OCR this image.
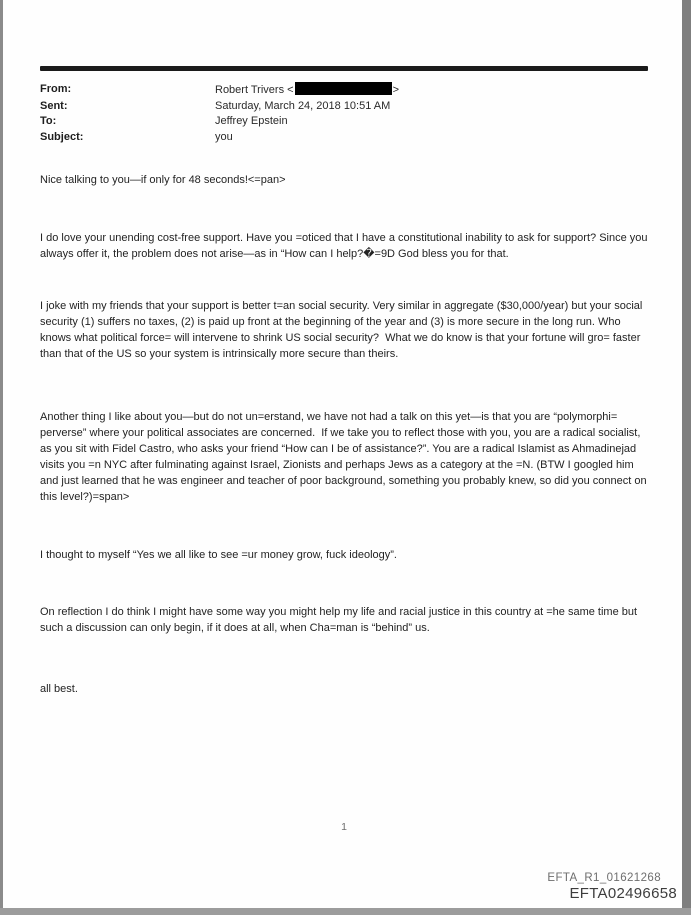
From:	Robert Trivers <	>
Sent:	Saturday, March 24, 2018 10:51 AM
To:	Jeffrey Epstein
Subject:	you
Nice talking to you—if only for 48 seconds!<=pan>
I do love your unending cost-free support. Have you =oticed that I have a constitutional inability to ask for support? Since you always offer it, the problem does not arise—as in “How can I help?�=9D God bless you for that.
I joke with my friends that your support is better t=an social security. Very similar in aggregate ($30,000/year) but your social security (1) suffers no taxes, (2) is paid up front at the beginning of the year and (3) is more secure in the long run. Who knows what political force= will intervene to shrink US social security?  What we do know is that your fortune will gro= faster than that of the US so your system is intrinsically more secure than theirs.
Another thing I like about you—but do not un=erstand, we have not had a talk on this yet—is that you are “polymorphi= perverse” where your political associates are concerned.  If we take you to reflect those with you, you are a radical socialist, as you sit with Fidel Castro, who asks your friend “How can I be of assistance?”. You are a radical Islamist as Ahmadinejad visits you =n NYC after fulminating against Israel, Zionists and perhaps Jews as a category at the =N. (BTW I googled him and just learned that he was engineer and teacher of poor background, something you probably knew, so did you connect on this level?)=span>
I thought to myself “Yes we all like to see =ur money grow, fuck ideology”.
On reflection I do think I might have some way you might help my life and racial justice in this country at =he same time but such a discussion can only begin, if it does at all, when Cha=man is “behind” us.
all best.
1
EFTA_R1_01621268
EFTA02496658
